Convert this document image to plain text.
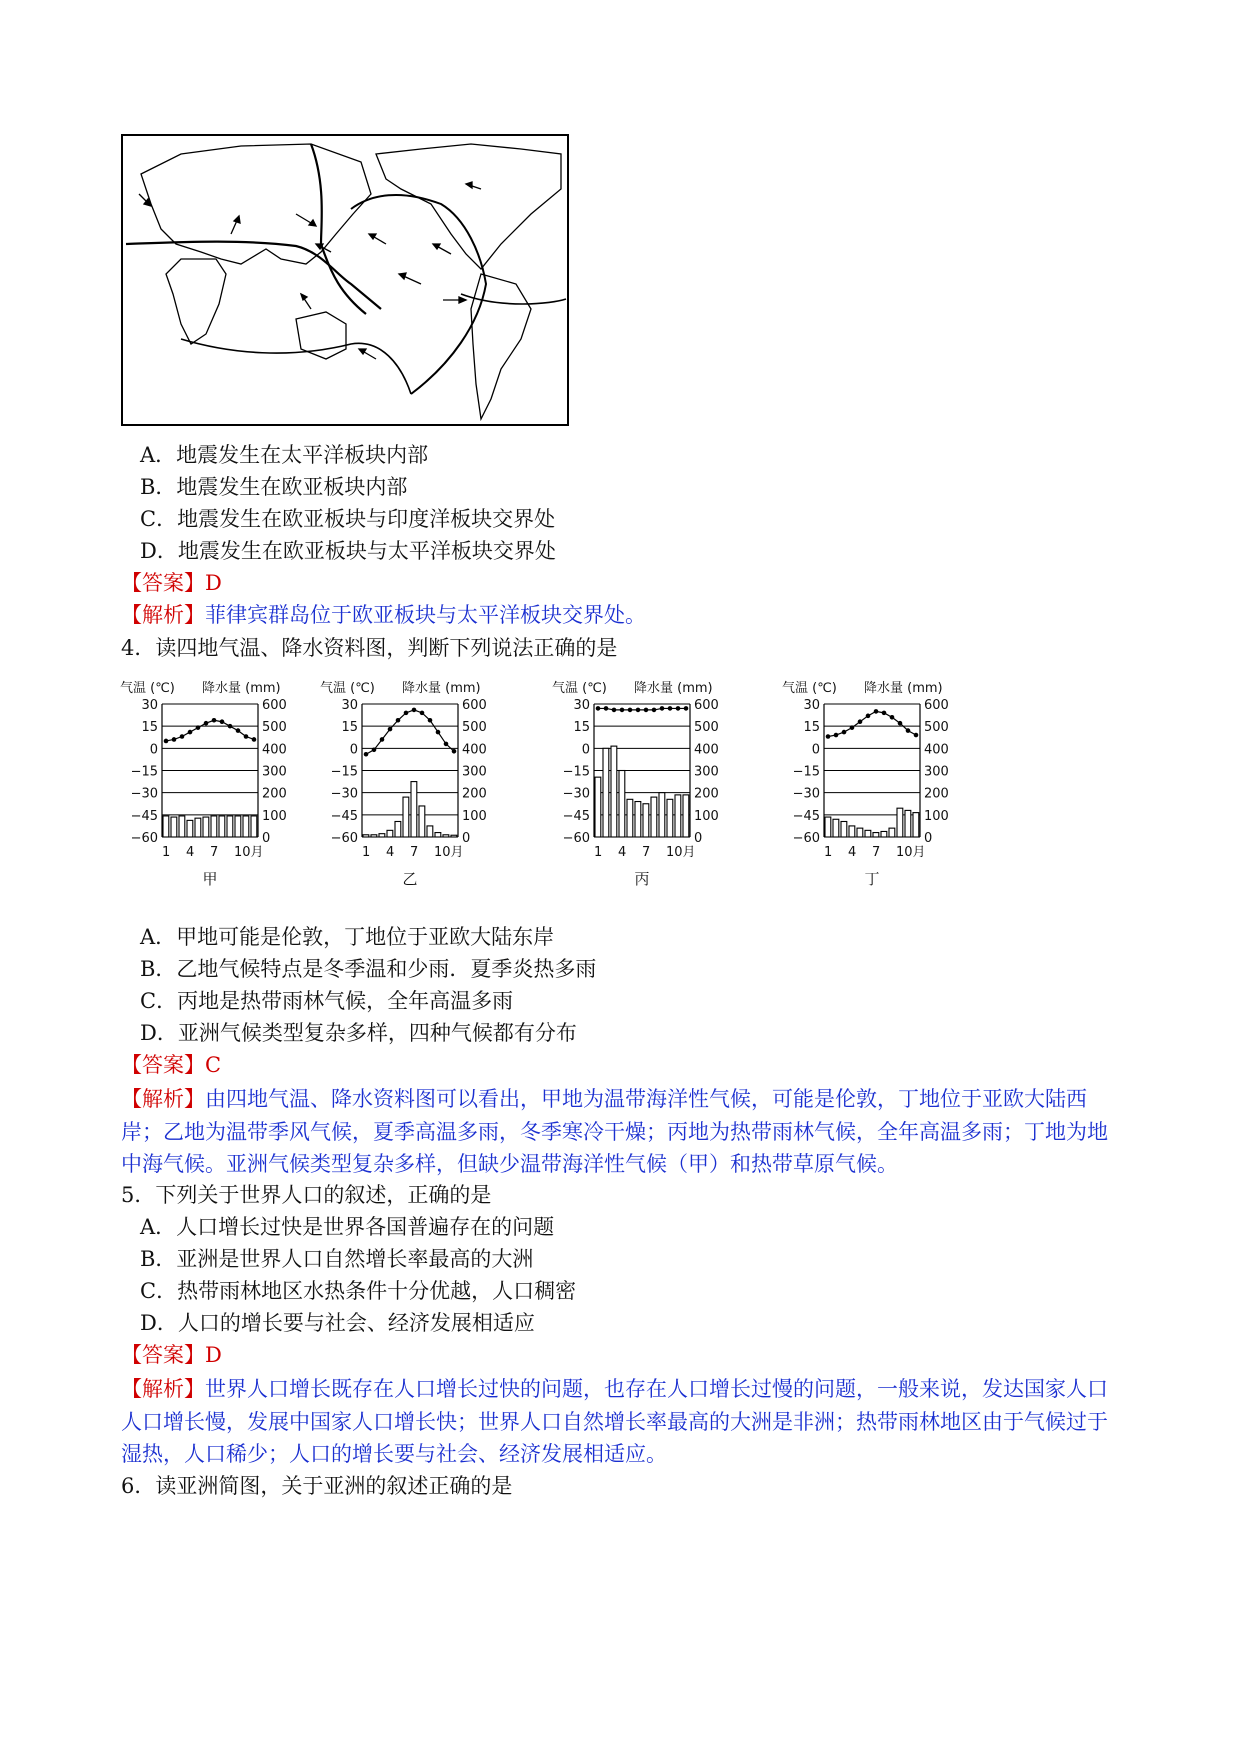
A．地震发生在太平洋板块内部
B．地震发生在欧亚板块内部
C．地震发生在欧亚板块与印度洋板块交界处
D．地震发生在欧亚板块与太平洋板块交界处
【答案】D
【解析】菲律宾群岛位于欧亚板块与太平洋板块交界处。
4．读四地气温、降水资料图，判断下列说法正确的是
气温 (℃) 降水量 (mm)
30	600
15	500
0	400
−15	300
−30	200
−45	100
−60	0
1 4 7 10月
甲
气温 (℃) 降水量 (mm)
30	600
15	500
0	400
−15	300
−30	200
−45	100
−60	0
1 4 7 10月
乙
气温 (℃) 降水量 (mm)
30	600
15	500
0	400
−15	300
−30	200
−45	100
−60	0
1 4 7 10月
丙
气温 (℃) 降水量 (mm)
30	600
15	500
0	400
−15	300
−30	200
−45	100
−60	0
1 4 7 10月
丁
A．甲地可能是伦敦，丁地位于亚欧大陆东岸
B．乙地气候特点是冬季温和少雨．夏季炎热多雨
C．丙地是热带雨林气候，全年高温多雨
D．亚洲气候类型复杂多样，四种气候都有分布
【答案】C
【解析】由四地气温、降水资料图可以看出，甲地为温带海洋性气候，可能是伦敦，丁地位于亚欧大陆西岸；乙地为温带季风气候，夏季高温多雨，冬季寒冷干燥；丙地为热带雨林气候，全年高温多雨；丁地为地中海气候。亚洲气候类型复杂多样，但缺少温带海洋性气候（甲）和热带草原气候。
5．下列关于世界人口的叙述，正确的是
A．人口增长过快是世界各国普遍存在的问题
B．亚洲是世界人口自然增长率最高的大洲
C．热带雨林地区水热条件十分优越，人口稠密
D．人口的增长要与社会、经济发展相适应
【答案】D
【解析】世界人口增长既存在人口增长过快的问题，也存在人口增长过慢的问题，一般来说，发达国家人口人口增长慢，发展中国家人口增长快；世界人口自然增长率最高的大洲是非洲；热带雨林地区由于气候过于湿热，人口稀少；人口的增长要与社会、经济发展相适应。
6．读亚洲简图，关于亚洲的叙述正确的是
